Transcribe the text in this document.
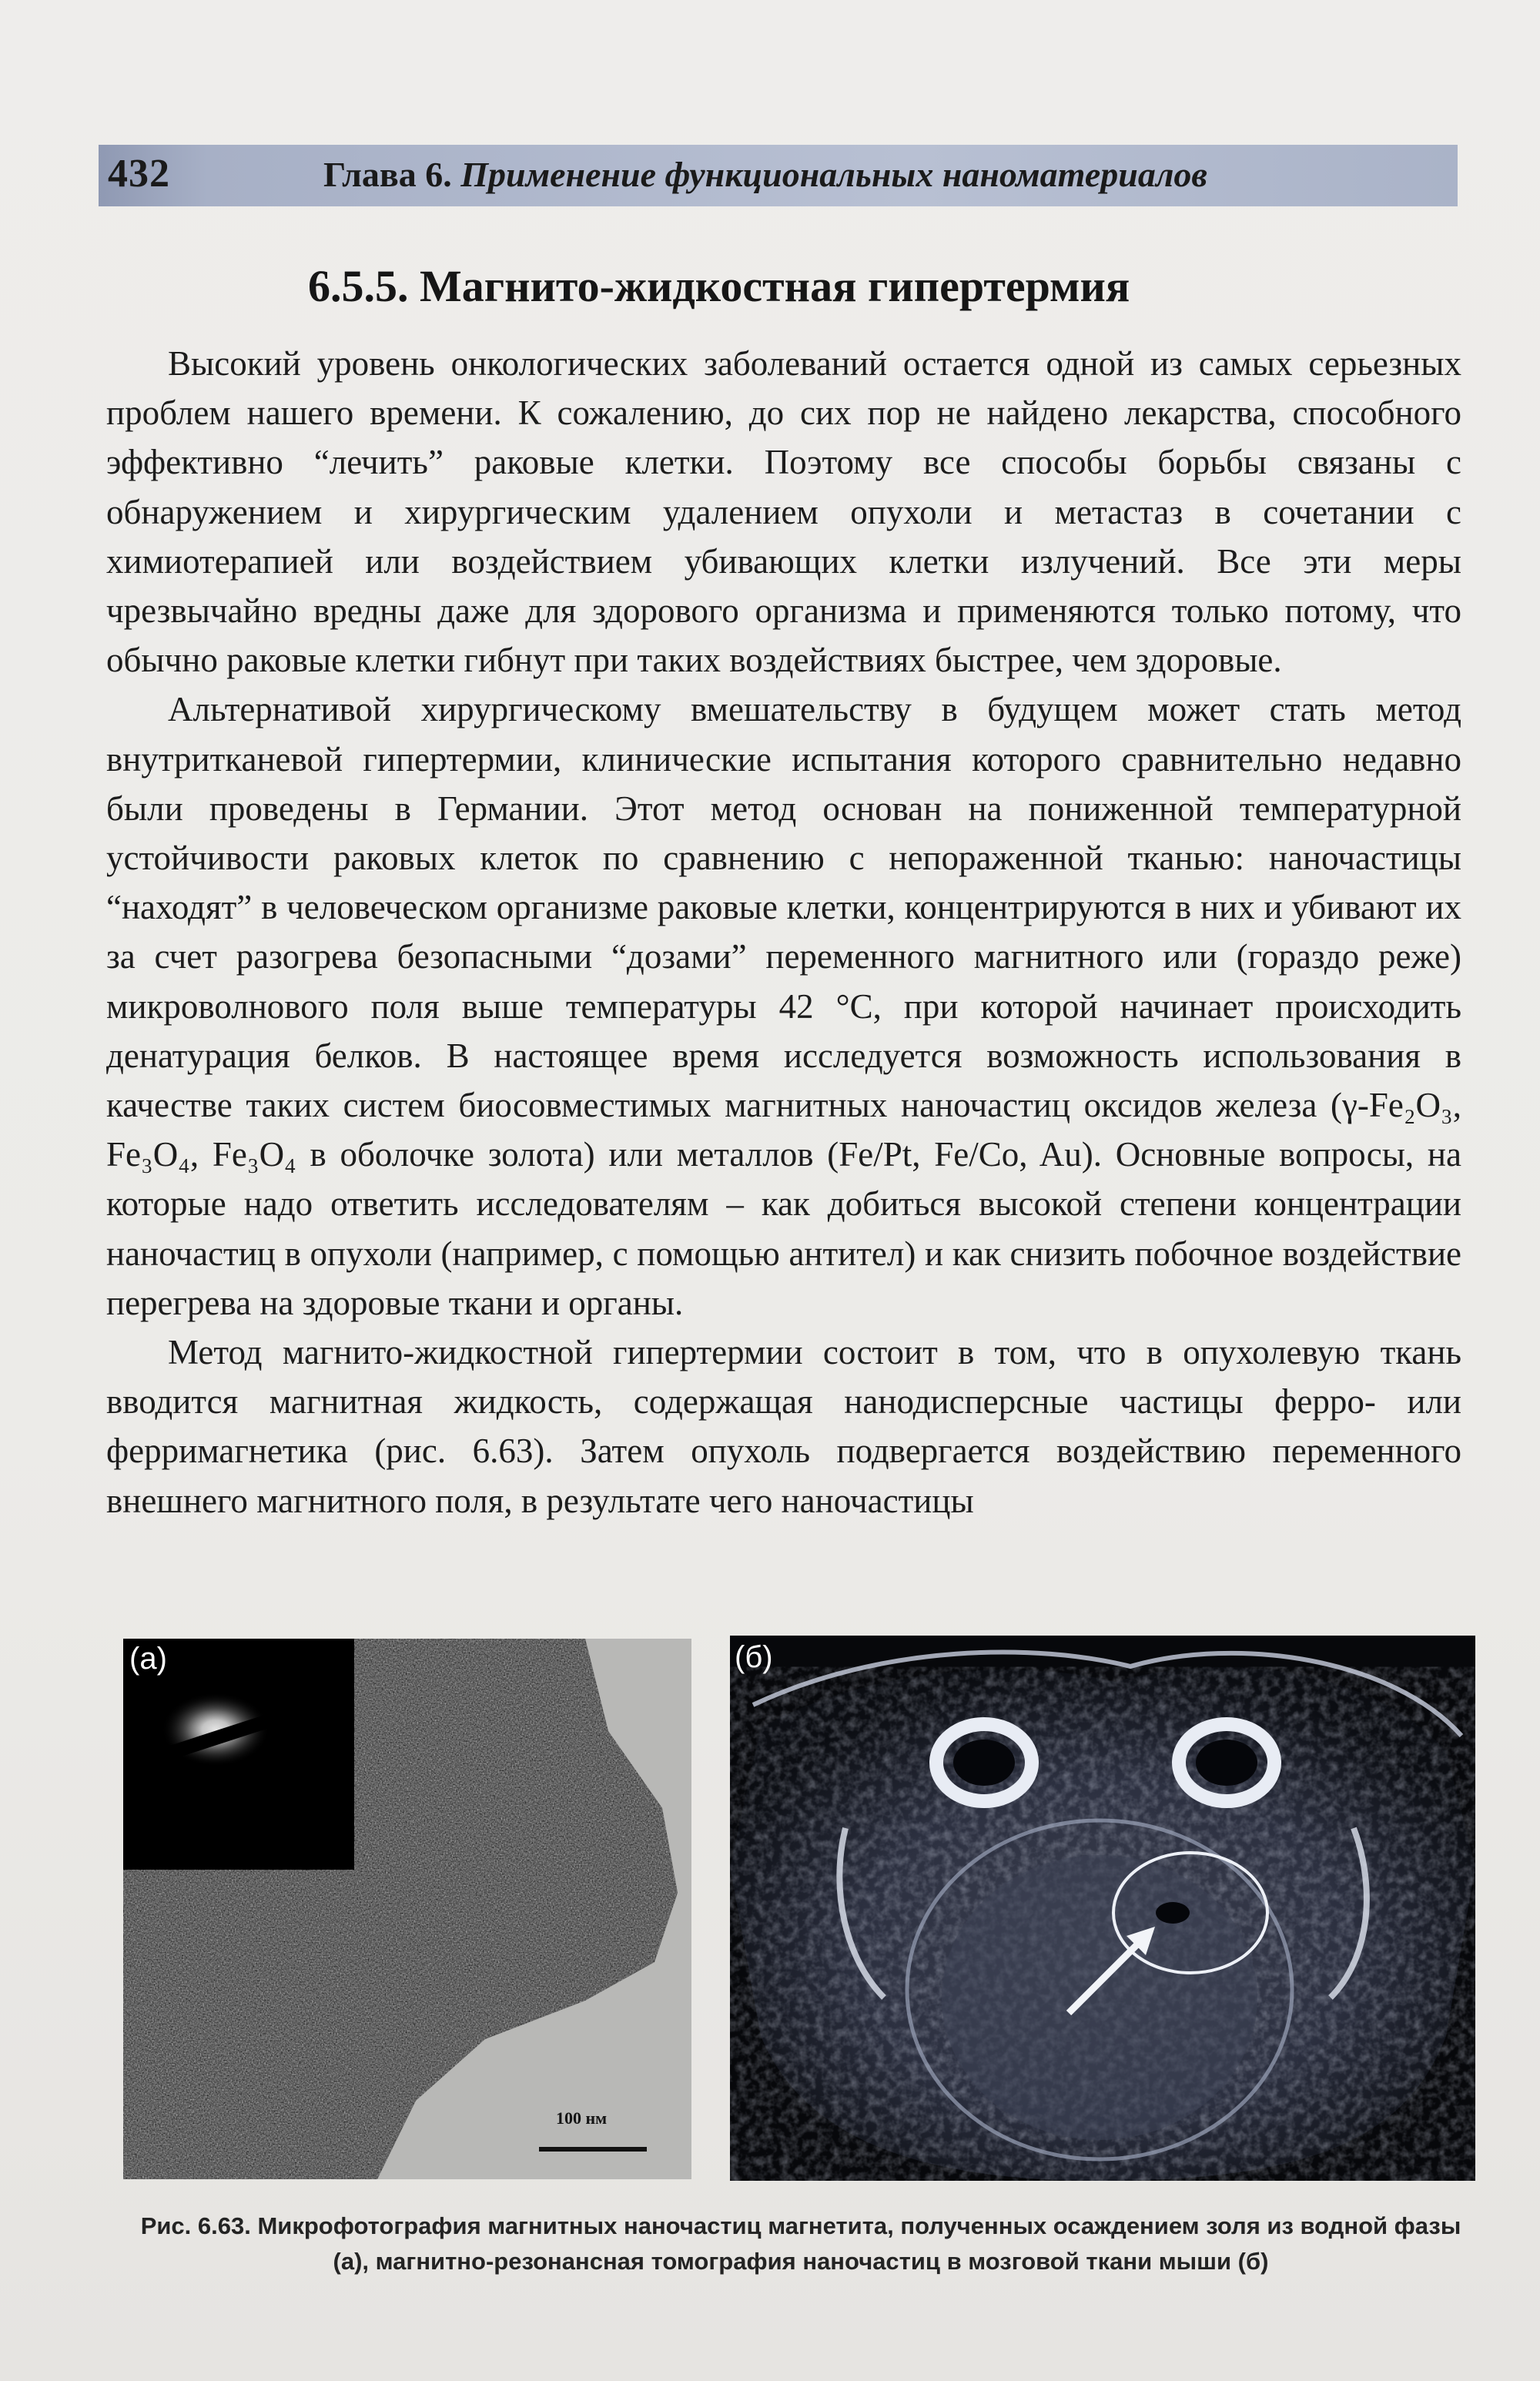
432	Глава 6. Применение функциональных наноматериалов
6.5.5. Магнито-жидкостная гипертермия

Высокий уровень онкологических заболеваний остается одной из самых серьезных проблем нашего времени. К сожалению, до сих пор не найдено лекарства, способного эффективно “лечить” раковые клетки. Поэтому все способы борьбы связаны с обнаружением и хирургическим удалением опухоли и метастаз в сочетании с химиотерапией или воздействием убивающих клетки излучений. Все эти меры чрезвычайно вредны даже для здорового организма и применяются только потому, что обычно раковые клетки гибнут при таких воздействиях быстрее, чем здоровые.

Альтернативой хирургическому вмешательству в будущем может стать метод внутритканевой гипертермии, клинические испытания которого сравнительно недавно были проведены в Германии. Этот метод основан на пониженной температурной устойчивости раковых клеток по сравнению с непораженной тканью: наночастицы “находят” в человеческом организме раковые клетки, концентрируются в них и убивают их за счет разогрева безопасными “дозами” переменного магнитного или (гораздо реже) микроволнового поля выше температуры 42 °С, при которой начинает происходить денатурация белков. В настоящее время исследуется возможность использования в качестве таких систем биосовместимых магнитных наночастиц оксидов железа (γ-Fe₂O₃, Fe₃O₄, Fe₃O₄ в оболочке золота) или металлов (Fe/Pt, Fe/Co, Au). Основные вопросы, на которые надо ответить исследователям – как добиться высокой степени концентрации наночастиц в опухоли (например, с помощью антител) и как снизить побочное воздействие перегрева на здоровые ткани и органы.

Метод магнито-жидкостной гипертермии состоит в том, что в опухолевую ткань вводится магнитная жидкость, содержащая нанодисперсные частицы ферро- или ферримагнетика (рис. 6.63). Затем опухоль подвергается воздействию переменного внешнего магнитного поля, в результате чего наночастицы

(а)
100 нм
(б)
Рис. 6.63. Микрофотография магнитных наночастиц магнетита, полученных осаждением золя из водной фазы (а), магнитно-резонансная томография наночастиц в мозговой ткани мыши (б)
